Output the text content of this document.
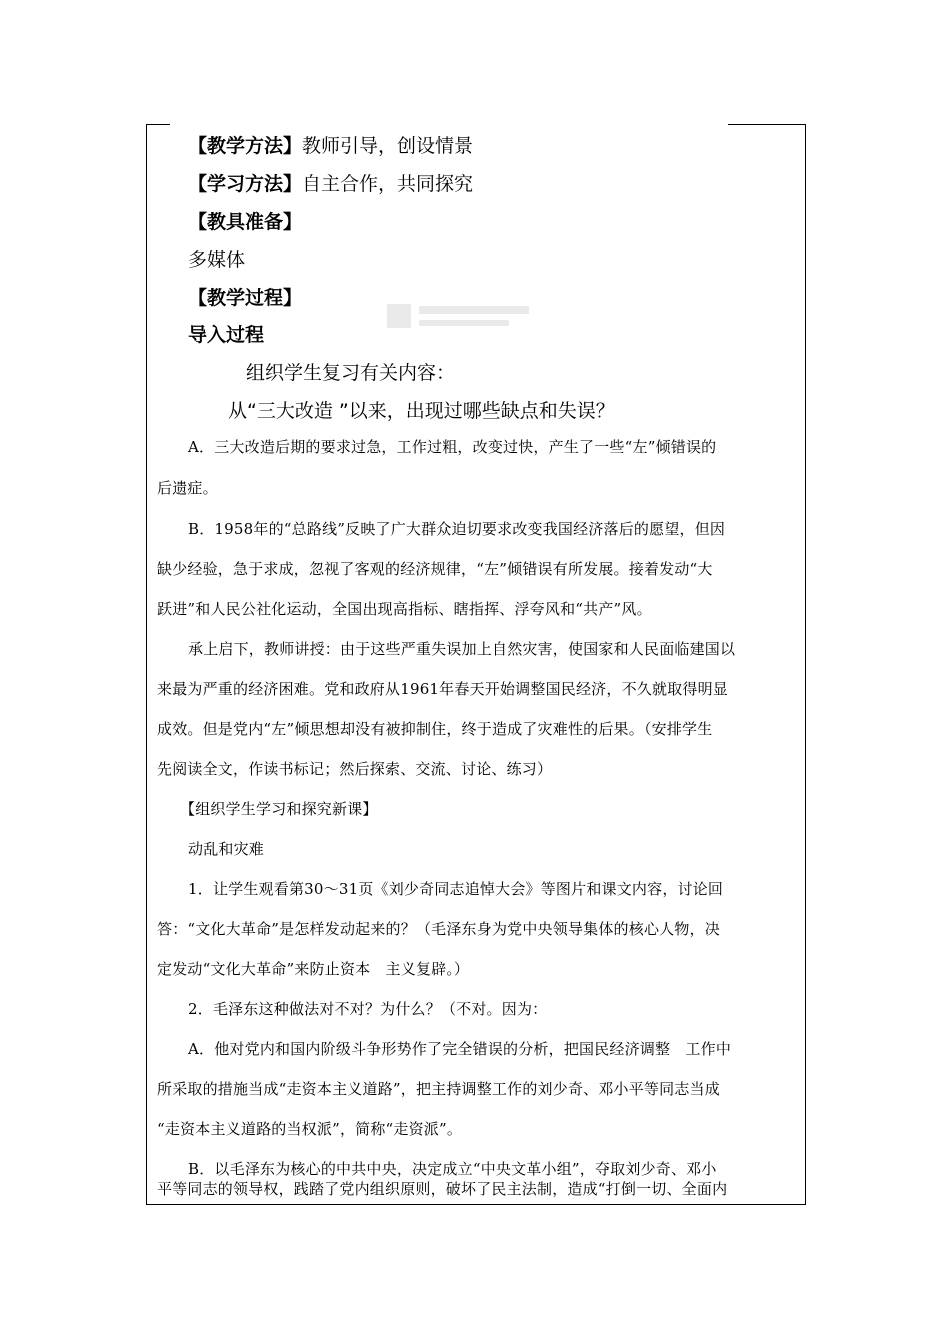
【教学方法】教师引导，创设情景
【学习方法】自主合作，共同探究
【教具准备】
多媒体
【教学过程】
导入过程
组织学生复习有关内容：
从“三大改造 ”以来，出现过哪些缺点和失误？
A．三大改造后期的要求过急，工作过粗，改变过快，产生了一些“左”倾错误的
后遗症。
B．1958年的“总路线”反映了广大群众迫切要求改变我国经济落后的愿望，但因
缺少经验，急于求成，忽视了客观的经济规律，“左”倾错误有所发展。接着发动“大
跃进”和人民公社化运动，全国出现高指标、瞎指挥、浮夸风和“共产”风。
承上启下，教师讲授：由于这些严重失误加上自然灾害，使国家和人民面临建国以
来最为严重的经济困难。党和政府从1961年春天开始调整国民经济，不久就取得明显
成效。但是党内“左”倾思想却没有被抑制住，终于造成了灾难性的后果。（安排学生
先阅读全文，作读书标记；然后探索、交流、讨论、练习）
【组织学生学习和探究新课】
动乱和灾难
1．让学生观看第30～31页《刘少奇同志追悼大会》等图片和课文内容，讨论回
答：“文化大革命”是怎样发动起来的？（毛泽东身为党中央领导集体的核心人物，决
定发动“文化大革命”来防止资本　主义复辟。）
2．毛泽东这种做法对不对？为什么？（不对。因为：
A．他对党内和国内阶级斗争形势作了完全错误的分析，把国民经济调整　工作中
所采取的措施当成“走资本主义道路”，把主持调整工作的刘少奇、邓小平等同志当成
“走资本主义道路的当权派”，简称“走资派”。
B．以毛泽东为核心的中共中央，决定成立“中央文革小组”，夺取刘少奇、邓小
平等同志的领导权，践踏了党内组织原则，破坏了民主法制，造成“打倒一切、全面内
